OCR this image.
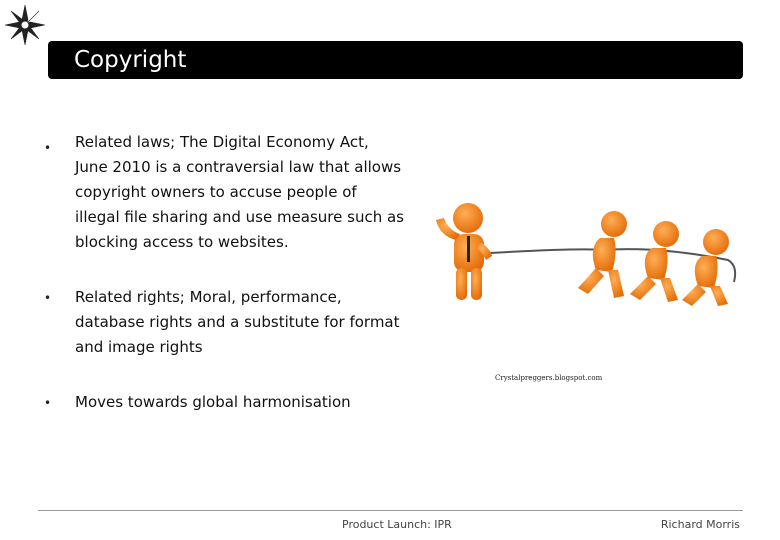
Copyright
• Related laws; The Digital Economy Act, June 2010 is a contraversial law that allows copyright owners to accuse people of illegal file sharing and use measure such as blocking access to websites.
• Related rights; Moral, performance, database rights and a substitute for format and image rights
• Moves towards global harmonisation
Crystalpreggers.blogspot.com
Product Launch: IPR	Richard Morris
